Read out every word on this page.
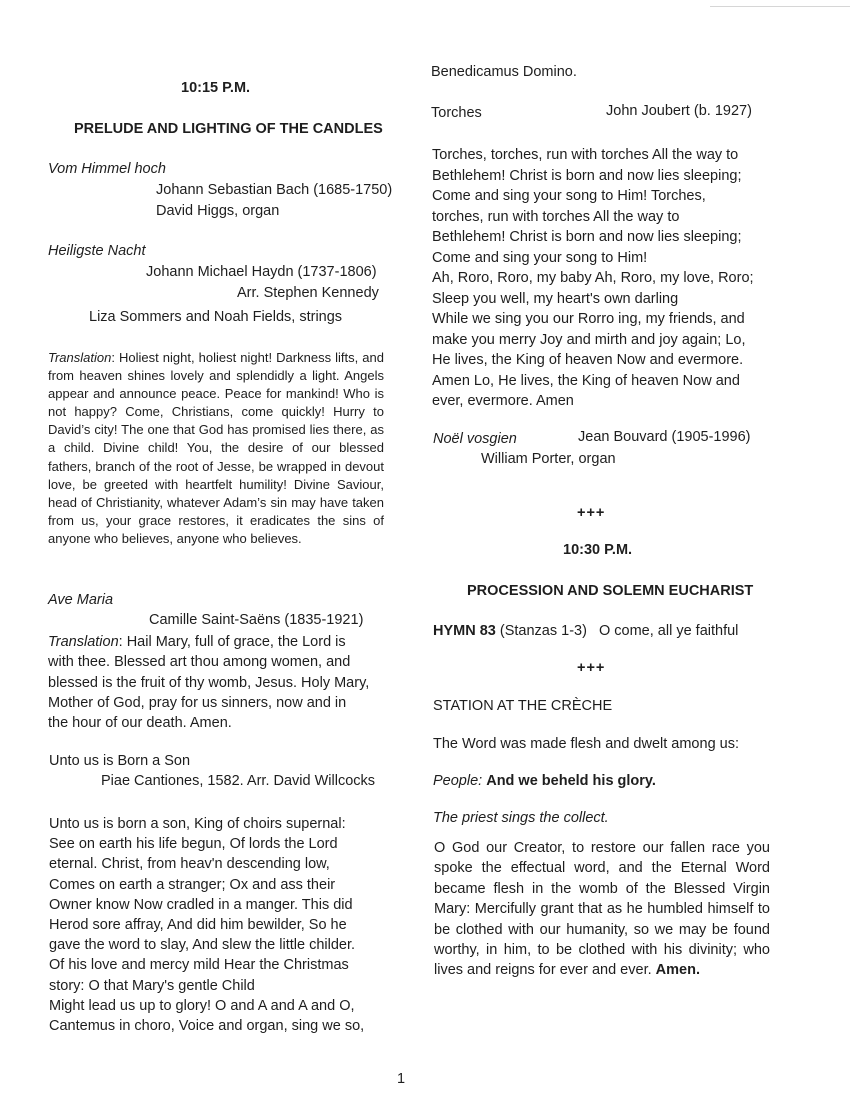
10:15 P.M.
PRELUDE AND LIGHTING OF THE CANDLES
Vom Himmel hoch
Johann Sebastian Bach (1685-1750)
David Higgs, organ
Heiligste Nacht
Johann Michael Haydn (1737-1806)
Arr. Stephen Kennedy
Liza Sommers and Noah Fields, strings
Translation: Holiest night, holiest night! Darkness lifts, and from heaven shines lovely and splendidly a light. Angels appear and announce peace. Peace for mankind! Who is not happy? Come, Christians, come quickly! Hurry to David’s city! The one that God has promised lies there, as a child. Divine child! You, the desire of our blessed fathers, branch of the root of Jesse, be wrapped in devout love, be greeted with heartfelt humility! Divine Saviour, head of Christianity, whatever Adam’s sin may have taken from us, your grace restores, it eradicates the sins of anyone who believes, anyone who believes.
Ave Maria
Camille Saint-Saëns (1835-1921)
Translation: Hail Mary, full of grace, the Lord is
with thee. Blessed art thou among women, and
blessed is the fruit of thy womb, Jesus. Holy Mary,
Mother of God, pray for us sinners, now and in
the hour of our death. Amen.
Unto us is Born a Son
Piae Cantiones, 1582. Arr. David Willcocks
Unto us is born a son, King of choirs supernal:
See on earth his life begun, Of lords the Lord
eternal. Christ, from heav'n descending low,
Comes on earth a stranger; Ox and ass their
Owner know Now cradled in a manger. This did
Herod sore affray, And did him bewilder, So he
gave the word to slay, And slew the little childer.
Of his love and mercy mild Hear the Christmas
story: O that Mary's gentle Child
Might lead us up to glory! O and A and A and O,
Cantemus in choro, Voice and organ, sing we so,
Benedicamus Domino.
Torches	John Joubert (b. 1927)
Torches, torches, run with torches All the way to
Bethlehem! Christ is born and now lies sleeping;
Come and sing your song to Him! Torches,
torches, run with torches All the way to
Bethlehem! Christ is born and now lies sleeping;
Come and sing your song to Him!
Ah, Roro, Roro, my baby Ah, Roro, my love, Roro;
Sleep you well, my heart's own darling
While we sing you our Rorro ing, my friends, and
make you merry Joy and mirth and joy again; Lo,
He lives, the King of heaven Now and evermore.
Amen Lo, He lives, the King of heaven Now and
ever, evermore. Amen
Noël vosgien	Jean Bouvard (1905-1996)
William Porter, organ
+++
10:30 P.M.
PROCESSION AND SOLEMN EUCHARIST
HYMN 83 (Stanzas 1-3) O come, all ye faithful
+++
STATION AT THE CRÈCHE
The Word was made flesh and dwelt among us:
People: And we beheld his glory.
The priest sings the collect.
O God our Creator, to restore our fallen race you spoke the effectual word, and the Eternal Word became flesh in the womb of the Blessed Virgin Mary: Mercifully grant that as he humbled himself to be clothed with our humanity, so we may be found worthy, in him, to be clothed with his divinity; who lives and reigns for ever and ever. Amen.
1
